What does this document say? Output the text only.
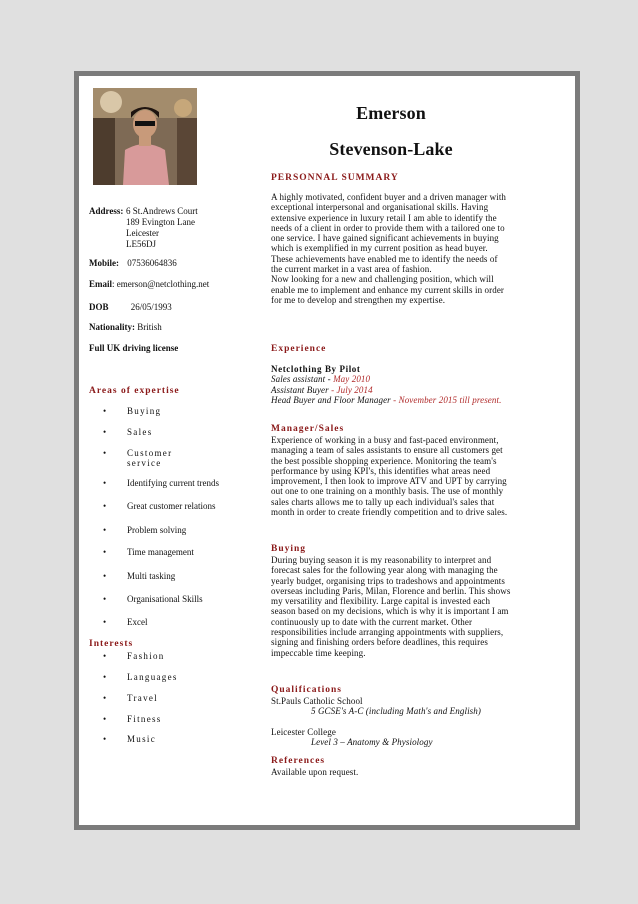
Address: 6 St.Andrews Court
189 Evington Lane
Leicester
LE56DJ
Mobile: 07536064836
Email: emerson@netclothing.net
DOB 26/05/1993
Nationality: British
Full UK driving license
Areas of expertise
• Buying
• Sales
• Customer
service
• Identifying current trends
• Great customer relations
• Problem solving
• Time management
• Multi tasking
• Organisational Skills
• Excel
Interests
• Fashion
• Languages
• Travel
• Fitness
• Music
Emerson
Stevenson-Lake
PERSONNAL SUMMARY

A highly motivated, confident buyer and a driven manager with exceptional interpersonal and organisational skills. Having extensive experience in luxury retail I am able to identify the needs of a client in order to provide them with a tailored one to one service. I have gained significant achievements in buying which is exemplified in my current position as head buyer. These achievements have enabled me to identify the needs of the current market in a vast area of fashion.

Now looking for a new and challenging position, which will enable me to implement and enhance my current skills in order for me to develop and strengthen my expertise.

Experience
Netclothing By Pilot
Sales assistant - May 2010
Assistant Buyer - July 2014
Head Buyer and Floor Manager - November 2015 till present.
Manager/Sales
Experience of working in a busy and fast-paced environment, managing a team of sales assistants to ensure all customers get the best possible shopping experience. Monitoring the team's performance by using KPI's, this identifies what areas need improvement, I then look to improve ATV and UPT by carrying out one to one training on a monthly basis. The use of monthly sales charts allows me to tally up each individual's sales that month in order to create friendly competition and to drive sales.
Buying
During buying season it is my reasonability to interpret and forecast sales for the following year along with managing the yearly budget, organising trips to tradeshows and appointments overseas including Paris, Milan, Florence and berlin. This shows my versatility and flexibility. Large capital is invested each season based on my decisions, which is why it is important I am continuously up to date with the current market. Other responsibilities include arranging appointments with suppliers, signing and finishing orders before deadlines, this requires impeccable time keeping.
Qualifications
St.Pauls Catholic School
5 GCSE's A-C (including Math's and English)
Leicester College
Level 3 – Anatomy & Physiology
References
Available upon request.
